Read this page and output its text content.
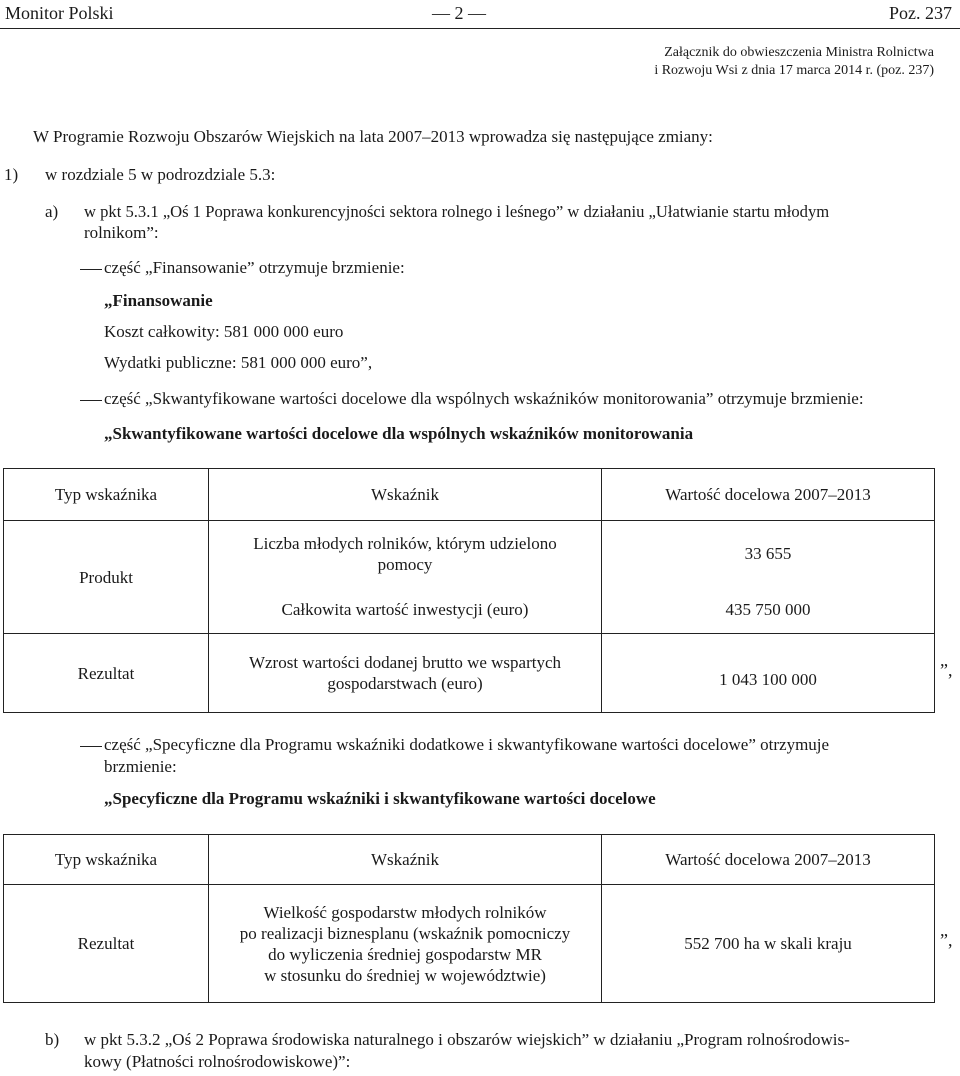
Monitor Polski	— 2 —	Poz. 237
Załącznik do obwieszczenia Ministra Rolnictwa
i Rozwoju Wsi z dnia 17 marca 2014 r. (poz. 237)
W Programie Rozwoju Obszarów Wiejskich na lata 2007–2013 wprowadza się następujące zmiany:
1) w rozdziale 5 w podrozdziale 5.3:
a) w pkt 5.3.1 „Oś 1 Poprawa konkurencyjności sektora rolnego i leśnego” w działaniu „Ułatwianie startu młodym
rolnikom”:
część „Finansowanie” otrzymuje brzmienie:
„Finansowanie
Koszt całkowity: 581 000 000 euro
Wydatki publiczne: 581 000 000 euro”,
część „Skwantyfikowane wartości docelowe dla wspólnych wskaźników monitorowania” otrzymuje brzmienie:
„Skwantyfikowane wartości docelowe dla wspólnych wskaźników monitorowania
Typ wskaźnika	Wskaźnik	Wartość docelowa 2007–2013
Produkt	Liczba młodych rolników, którym udzielono
pomocy	33 655
	Całkowita wartość inwestycji (euro)	435 750 000
Rezultat	Wzrost wartości dodanej brutto we wspartych
gospodarstwach (euro)	1 043 100 000	”,
część „Specyficzne dla Programu wskaźniki dodatkowe i skwantyfikowane wartości docelowe” otrzymuje
brzmienie:
„Specyficzne dla Programu wskaźniki i skwantyfikowane wartości docelowe
Typ wskaźnika	Wskaźnik	Wartość docelowa 2007–2013
Rezultat	Wielkość gospodarstw młodych rolników
po realizacji biznesplanu (wskaźnik pomocniczy
do wyliczenia średniej gospodarstw MR
w stosunku do średniej w województwie)	552 700 ha w skali kraju	”,
b) w pkt 5.3.2 „Oś 2 Poprawa środowiska naturalnego i obszarów wiejskich” w działaniu „Program rolnośrodowis-
kowy (Płatności rolnośrodowiskowe)”:
